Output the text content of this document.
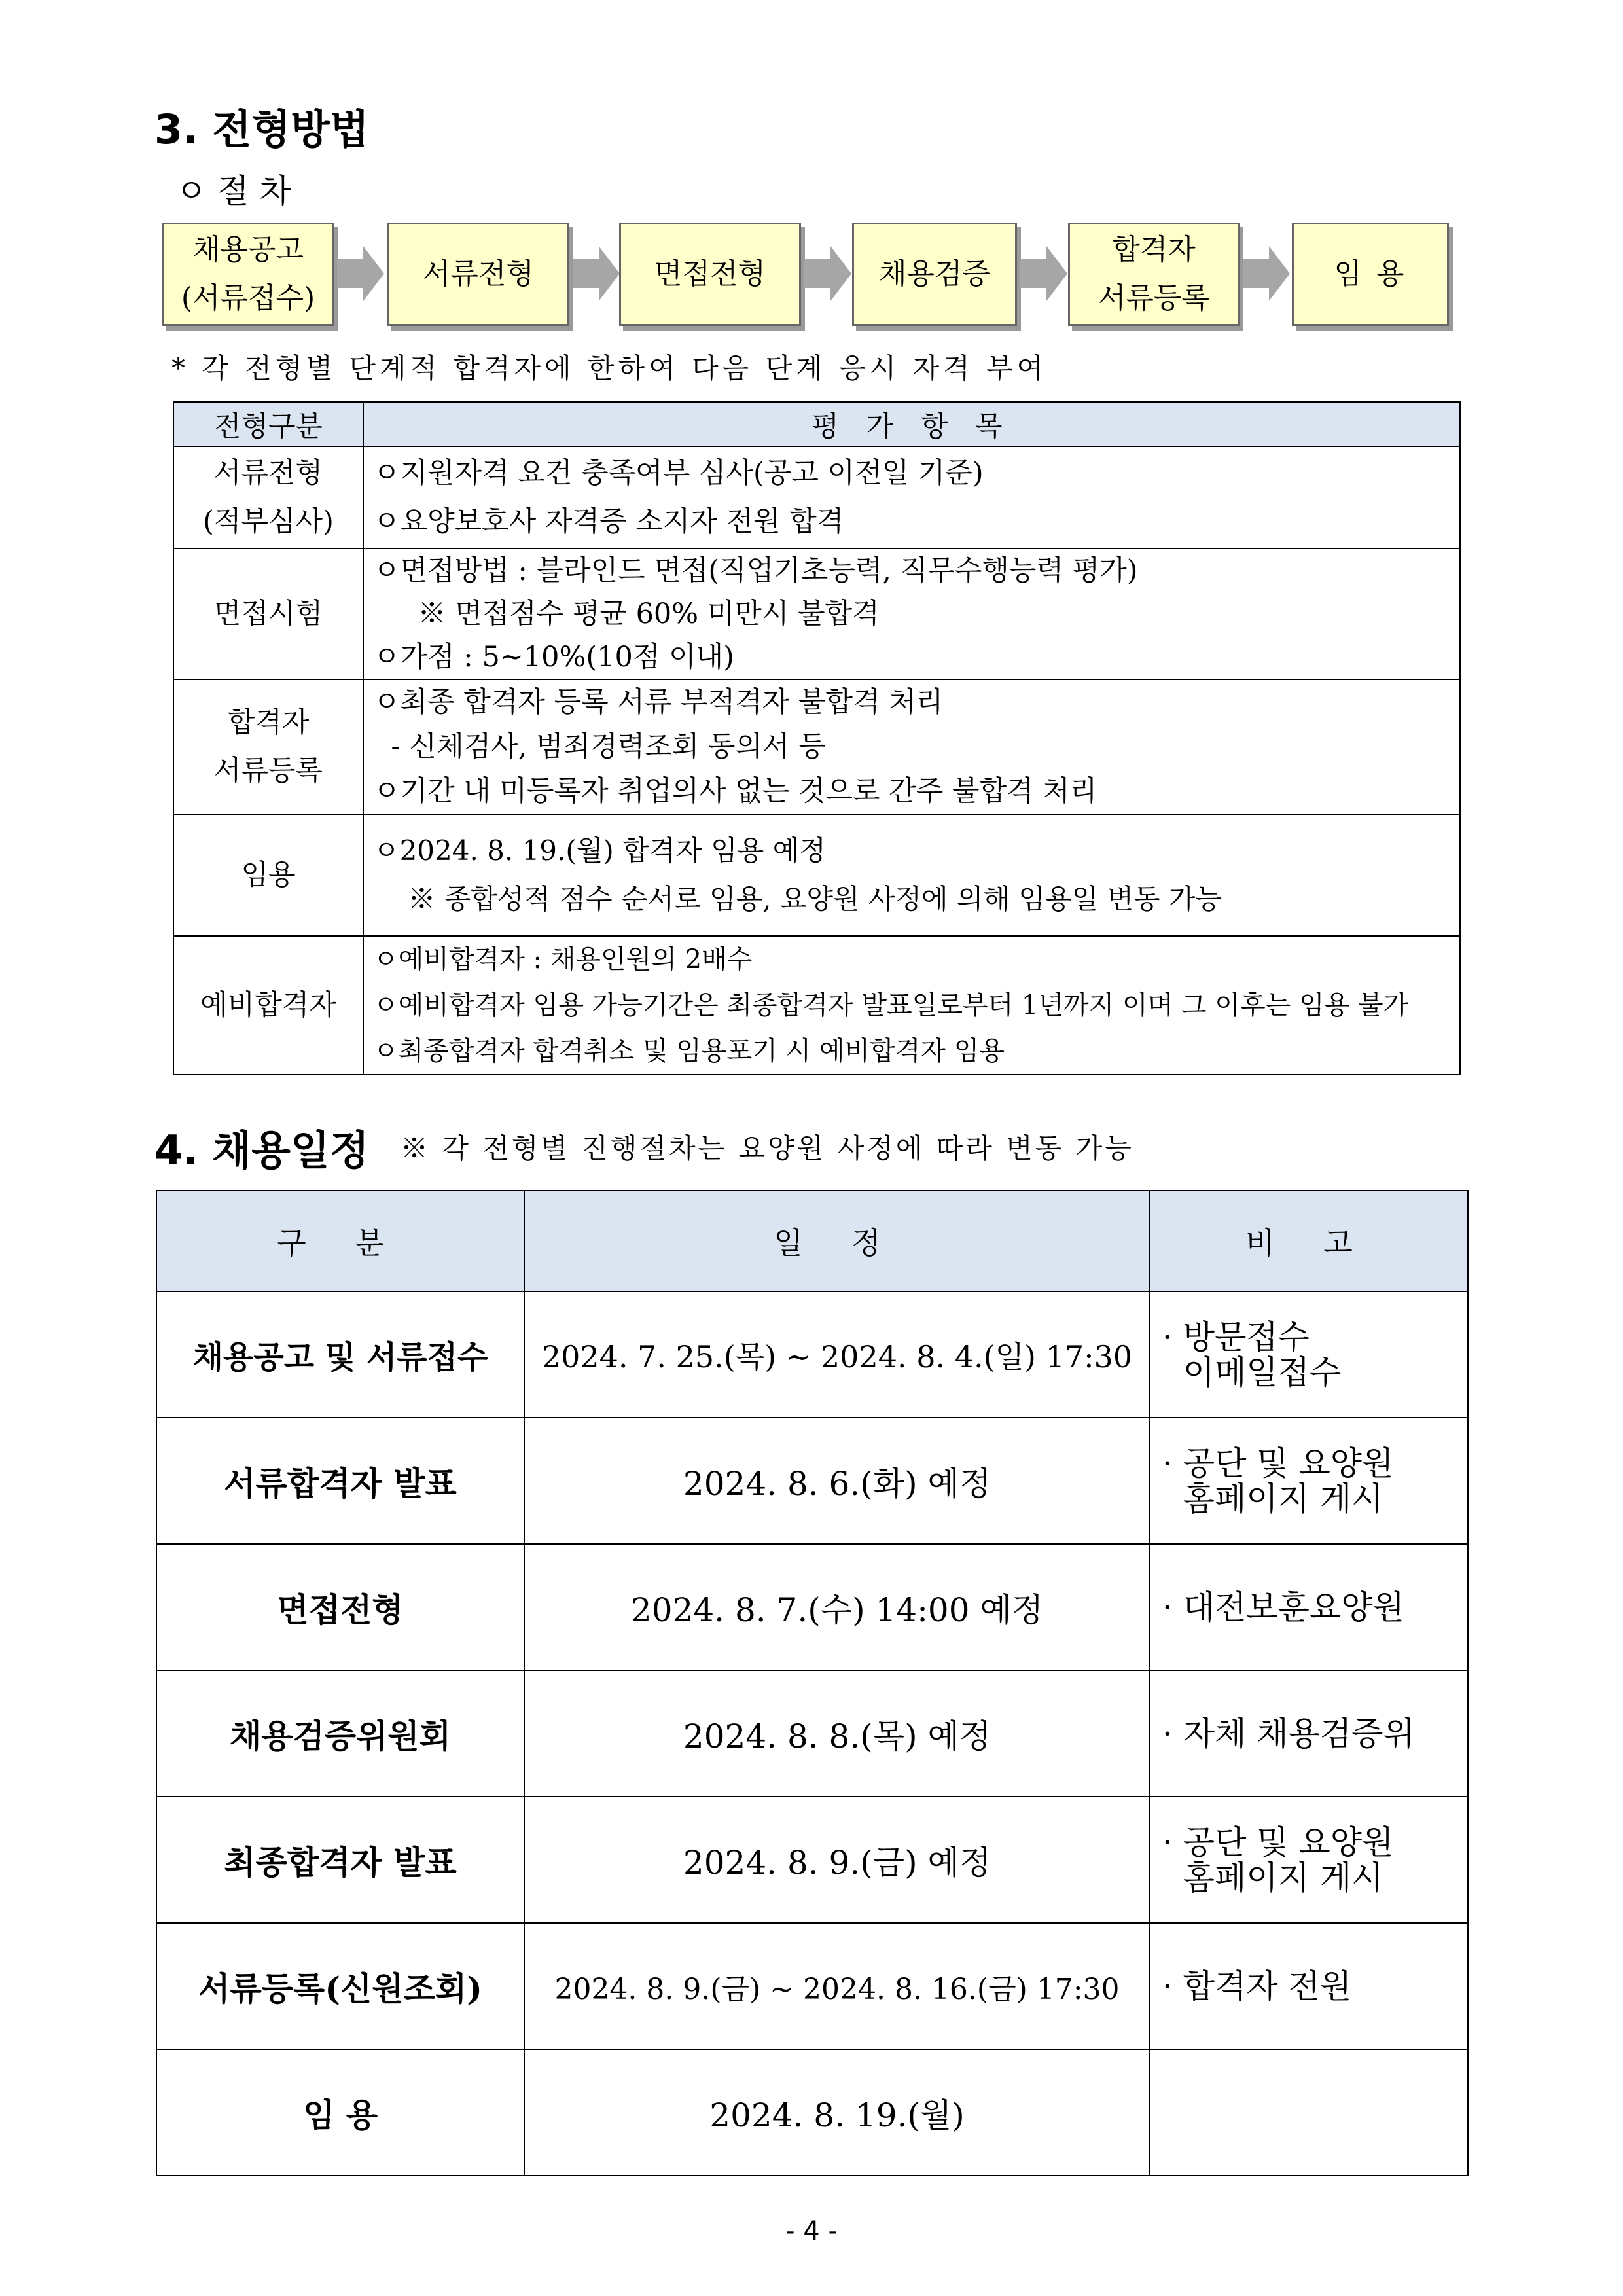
3. 전형방법
ㅇ 절 차
채용공고
(서류접수)
서류전형	면접전형	채용검증
합격자
서류등록
임 용
* 각 전형별 단계적 합격자에 한하여 다음 단계 응시 자격 부여
전형구분	평 가 항 목
서류전형
(적부심사)	ㅇ지원자격 요건 충족여부 심사(공고 이전일 기준)
ㅇ요양보호사 자격증 소지자 전원 합격
면접시험	ㅇ면접방법 : 블라인드 면접(직업기초능력, 직무수행능력 평가)
※ 면접점수 평균 60% 미만시 불합격
ㅇ가점 : 5~10%(10점 이내)
합격자
서류등록	ㅇ최종 합격자 등록 서류 부적격자 불합격 처리
- 신체검사, 범죄경력조회 동의서 등
ㅇ기간 내 미등록자 취업의사 없는 것으로 간주 불합격 처리
임용	ㅇ2024. 8. 19.(월) 합격자 임용 예정
※ 종합성적 점수 순서로 임용, 요양원 사정에 의해 임용일 변동 가능
예비합격자	ㅇ예비합격자 : 채용인원의 2배수
ㅇ예비합격자 임용 가능기간은 최종합격자 발표일로부터 1년까지 이며 그 이후는 임용 불가
ㅇ최종합격자 합격취소 및 임용포기 시 예비합격자 임용
4. 채용일정 ※ 각 전형별 진행절차는 요양원 사정에 따라 변동 가능
구 분	일 정	비 고
채용공고 및 서류접수	2024. 7. 25.(목) ~ 2024. 8. 4.(일) 17:30	· 방문접수
이메일접수
서류합격자 발표	2024. 8. 6.(화) 예정	· 공단 및 요양원
홈페이지 게시
면접전형	2024. 8. 7.(수) 14:00 예정	· 대전보훈요양원
채용검증위원회	2024. 8. 8.(목) 예정	· 자체 채용검증위
최종합격자 발표	2024. 8. 9.(금) 예정	· 공단 및 요양원
홈페이지 게시
서류등록(신원조회)	2024. 8. 9.(금) ~ 2024. 8. 16.(금) 17:30	· 합격자 전원
임 용	2024. 8. 19.(월)	
- 4 -
